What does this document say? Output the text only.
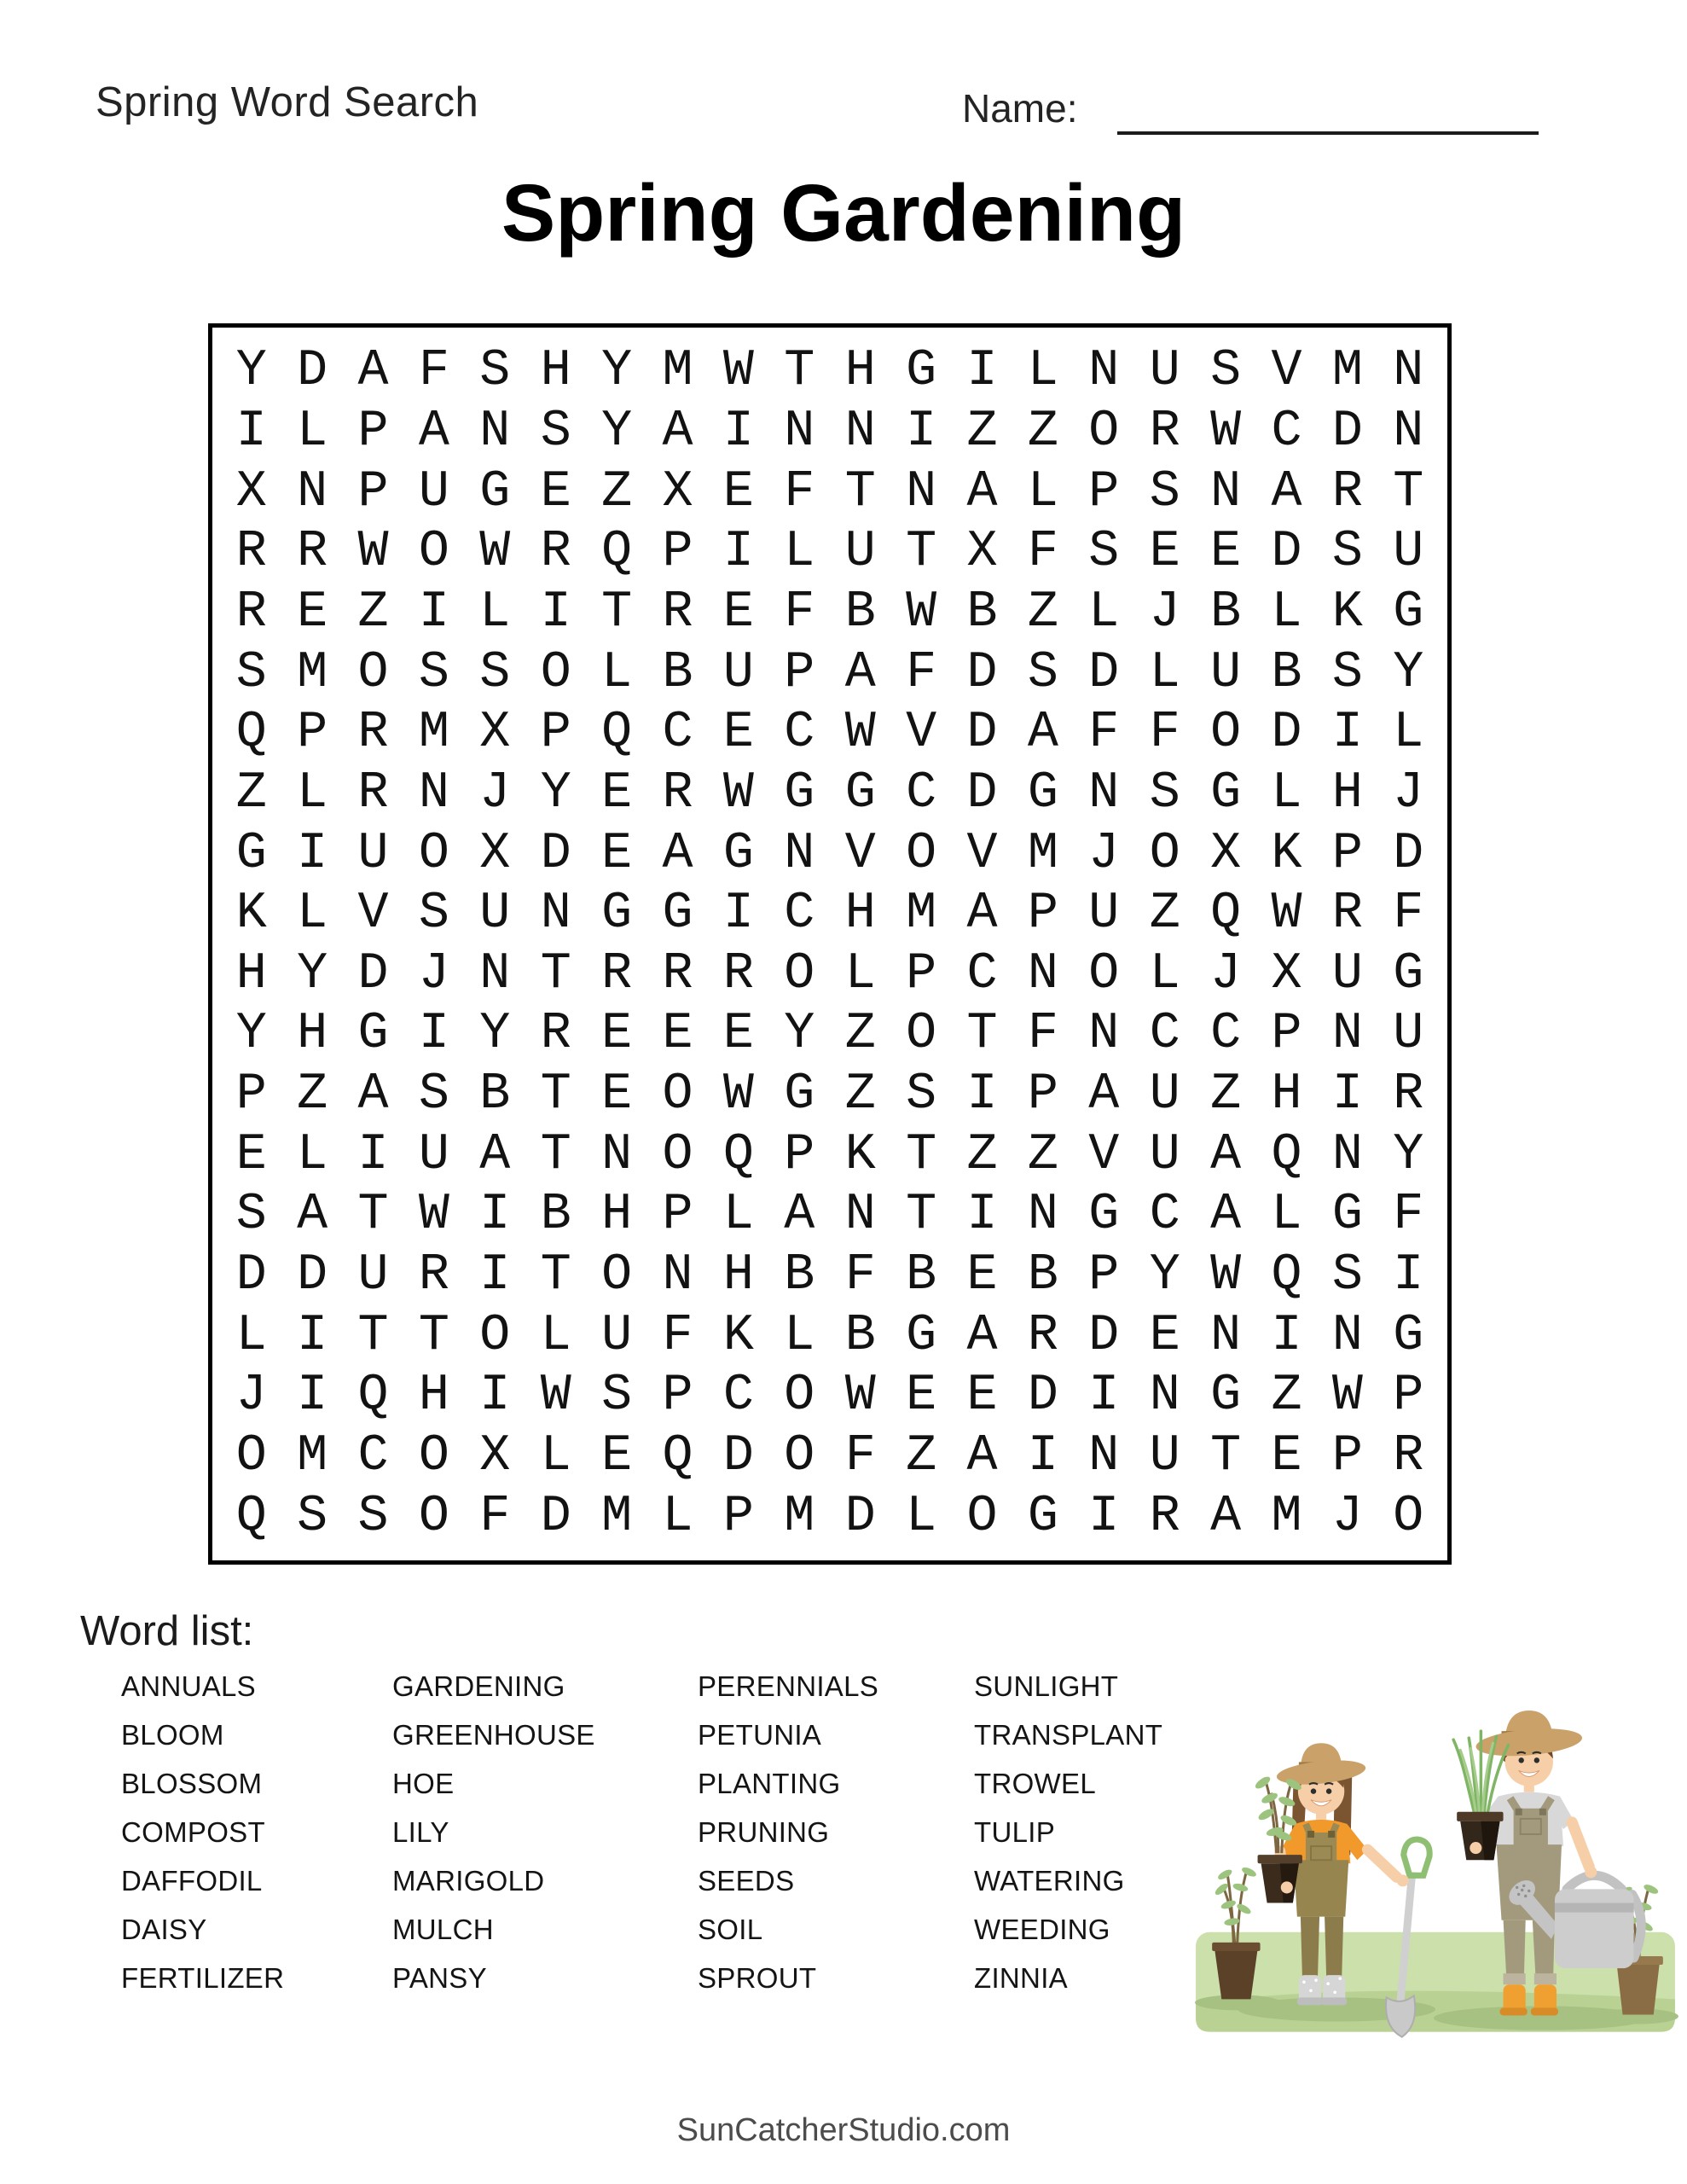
Spring Word Search	Name:
Spring Gardening
Y D A F S H Y M W T H G I L N U S V M N
I L P A N S Y A I N N I Z Z O R W C D N
X N P U G E Z X E F T N A L P S N A R T
R R W O W R Q P I L U T X F S E E D S U
R E Z I L I T R E F B W B Z L J B L K G
S M O S S O L B U P A F D S D L U B S Y
Q P R M X P Q C E C W V D A F F O D I L
Z L R N J Y E R W G G C D G N S G L H J
G I U O X D E A G N V O V M J O X K P D
K L V S U N G G I C H M A P U Z Q W R F
H Y D J N T R R R O L P C N O L J X U G
Y H G I Y R E E E Y Z O T F N C C P N U
P Z A S B T E O W G Z S I P A U Z H I R
E L I U A T N O Q P K T Z Z V U A Q N Y
S A T W I B H P L A N T I N G C A L G F
D D U R I T O N H B F B E B P Y W Q S I
L I T T O L U F K L B G A R D E N I N G
J I Q H I W S P C O W E E D I N G Z W P
O M C O X L E Q D O F Z A I N U T E P R
Q S S O F D M L P M D L O G I R A M J O
Word list:
ANNUALS
BLOOM
BLOSSOM
COMPOST
DAFFODIL
DAISY
FERTILIZER
GARDENING
GREENHOUSE
HOE
LILY
MARIGOLD
MULCH
PANSY
PERENNIALS
PETUNIA
PLANTING
PRUNING
SEEDS
SOIL
SPROUT
SUNLIGHT
TRANSPLANT
TROWEL
TULIP
WATERING
WEEDING
ZINNIA
SunCatcherStudio.com
